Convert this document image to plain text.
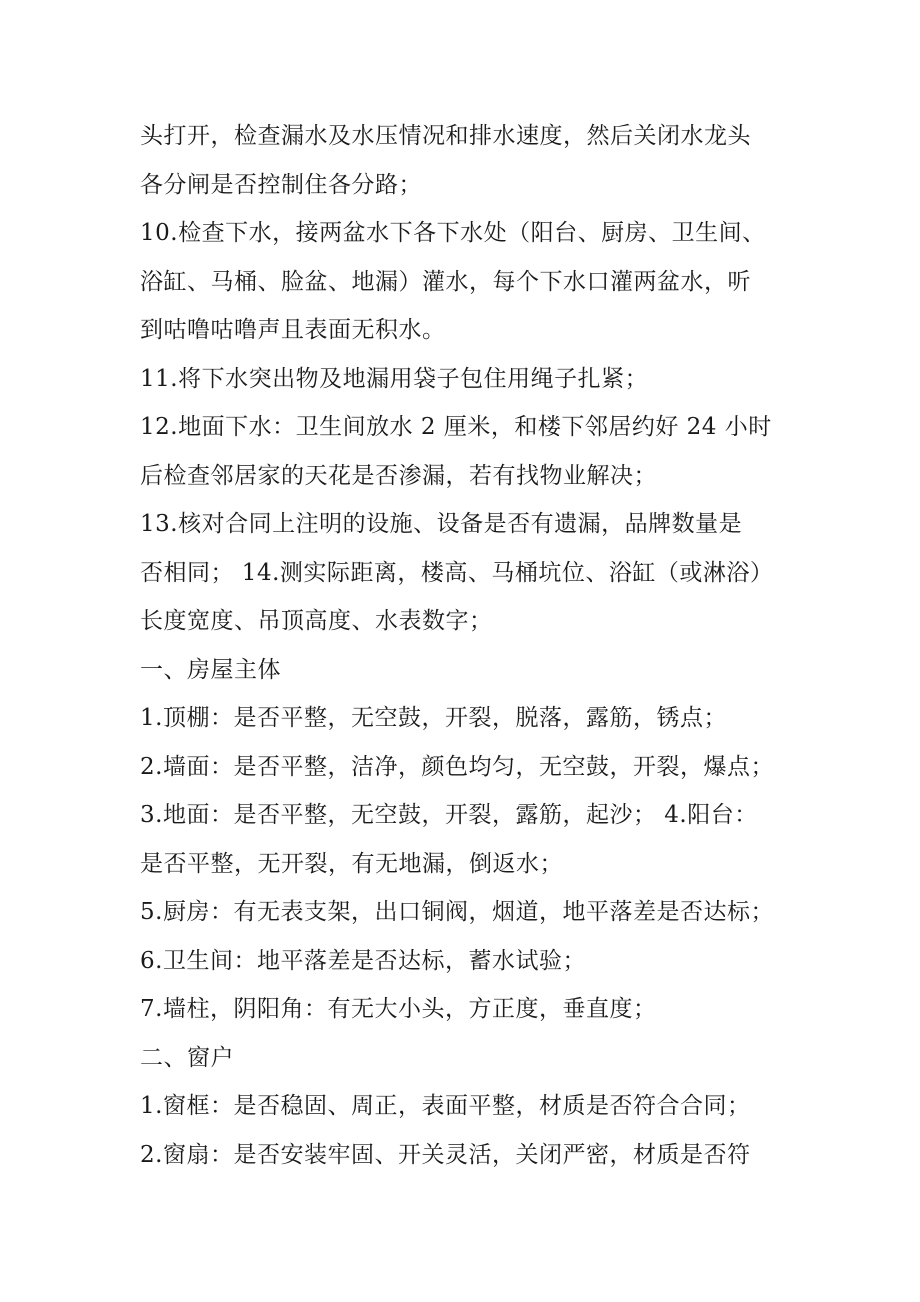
头打开，检查漏水及水压情况和排水速度，然后关闭水龙头
各分闸是否控制住各分路；
10.检查下水，接两盆水下各下水处（阳台、厨房、卫生间、
浴缸、马桶、脸盆、地漏）灌水，每个下水口灌两盆水，听
到咕噜咕噜声且表面无积水。
11.将下水突出物及地漏用袋子包住用绳子扎紧；
12.地面下水：卫生间放水 2 厘米，和楼下邻居约好 24 小时
后检查邻居家的天花是否渗漏，若有找物业解决；
13.核对合同上注明的设施、设备是否有遗漏，品牌数量是
否相同； 14.测实际距离，楼高、马桶坑位、浴缸（或淋浴）
长度宽度、吊顶高度、水表数字；
一、房屋主体
1.顶棚：是否平整，无空鼓，开裂，脱落，露筋，锈点；
2.墙面：是否平整，洁净，颜色均匀，无空鼓，开裂，爆点；
3.地面：是否平整，无空鼓，开裂，露筋，起沙； 4.阳台：
是否平整，无开裂，有无地漏，倒返水；
5.厨房：有无表支架，出口铜阀，烟道，地平落差是否达标；
6.卫生间：地平落差是否达标，蓄水试验；
7.墙柱，阴阳角：有无大小头，方正度，垂直度；
二、窗户
1.窗框：是否稳固、周正，表面平整，材质是否符合合同；
2.窗扇：是否安装牢固、开关灵活，关闭严密，材质是否符
